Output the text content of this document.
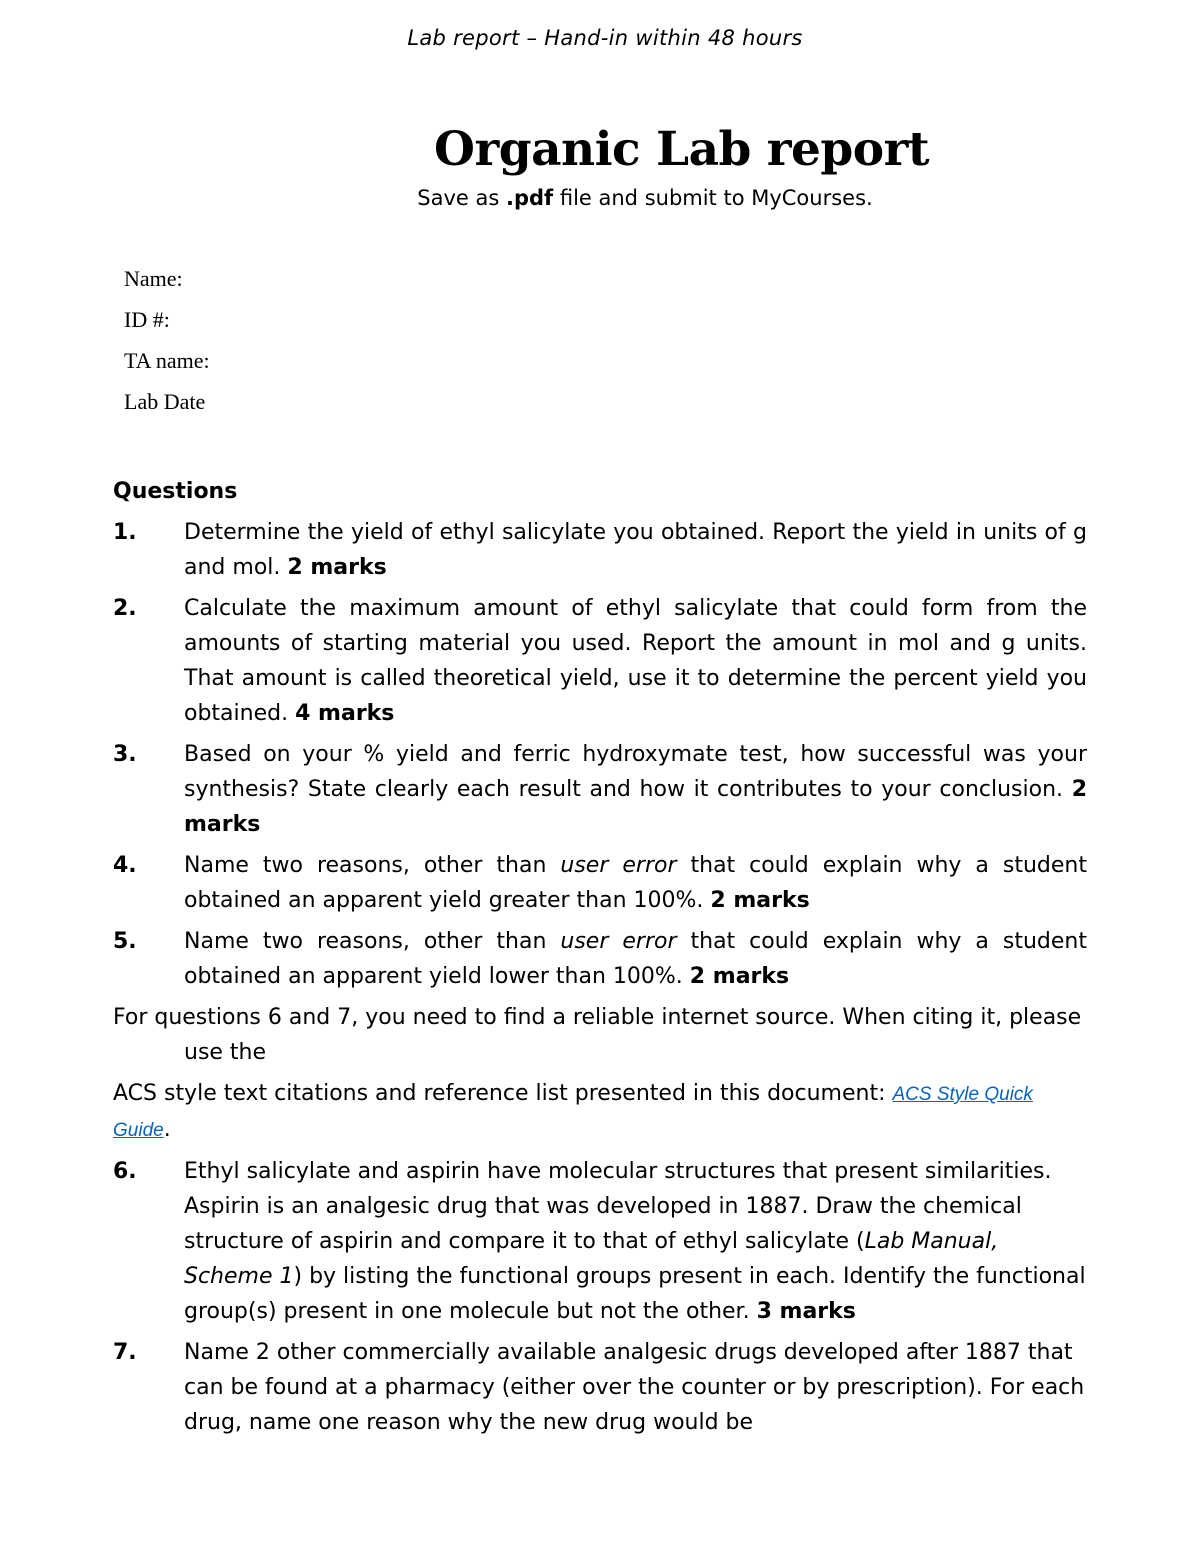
Lab report – Hand-in within 48 hours
Organic Lab report
Save as .pdf file and submit to MyCourses.
Name:
ID #:
TA name:
Lab Date
Questions
1.	Determine the yield of ethyl salicylate you obtained. Report the yield in units of g and mol. 2 marks
2.	Calculate the maximum amount of ethyl salicylate that could form from the amounts of starting material you used. Report the amount in mol and g units. That amount is called theoretical yield, use it to determine the percent yield you obtained. 4 marks
3.	Based on your % yield and ferric hydroxymate test, how successful was your synthesis? State clearly each result and how it contributes to your conclusion. 2 marks
4.	Name two reasons, other than user error that could explain why a student obtained an apparent yield greater than 100%. 2 marks
5.	Name two reasons, other than user error that could explain why a student obtained an apparent yield lower than 100%. 2 marks
For questions 6 and 7, you need to find a reliable internet source. When citing it, please use the
ACS style text citations and reference list presented in this document: ACS Style Quick Guide.
6.	Ethyl salicylate and aspirin have molecular structures that present similarities. Aspirin is an analgesic drug that was developed in 1887. Draw the chemical structure of aspirin and compare it to that of ethyl salicylate (Lab Manual, Scheme 1) by listing the functional groups present in each. Identify the functional group(s) present in one molecule but not the other. 3 marks
7.	Name 2 other commercially available analgesic drugs developed after 1887 that can be found at a pharmacy (either over the counter or by prescription). For each drug, name one reason why the new drug would be
